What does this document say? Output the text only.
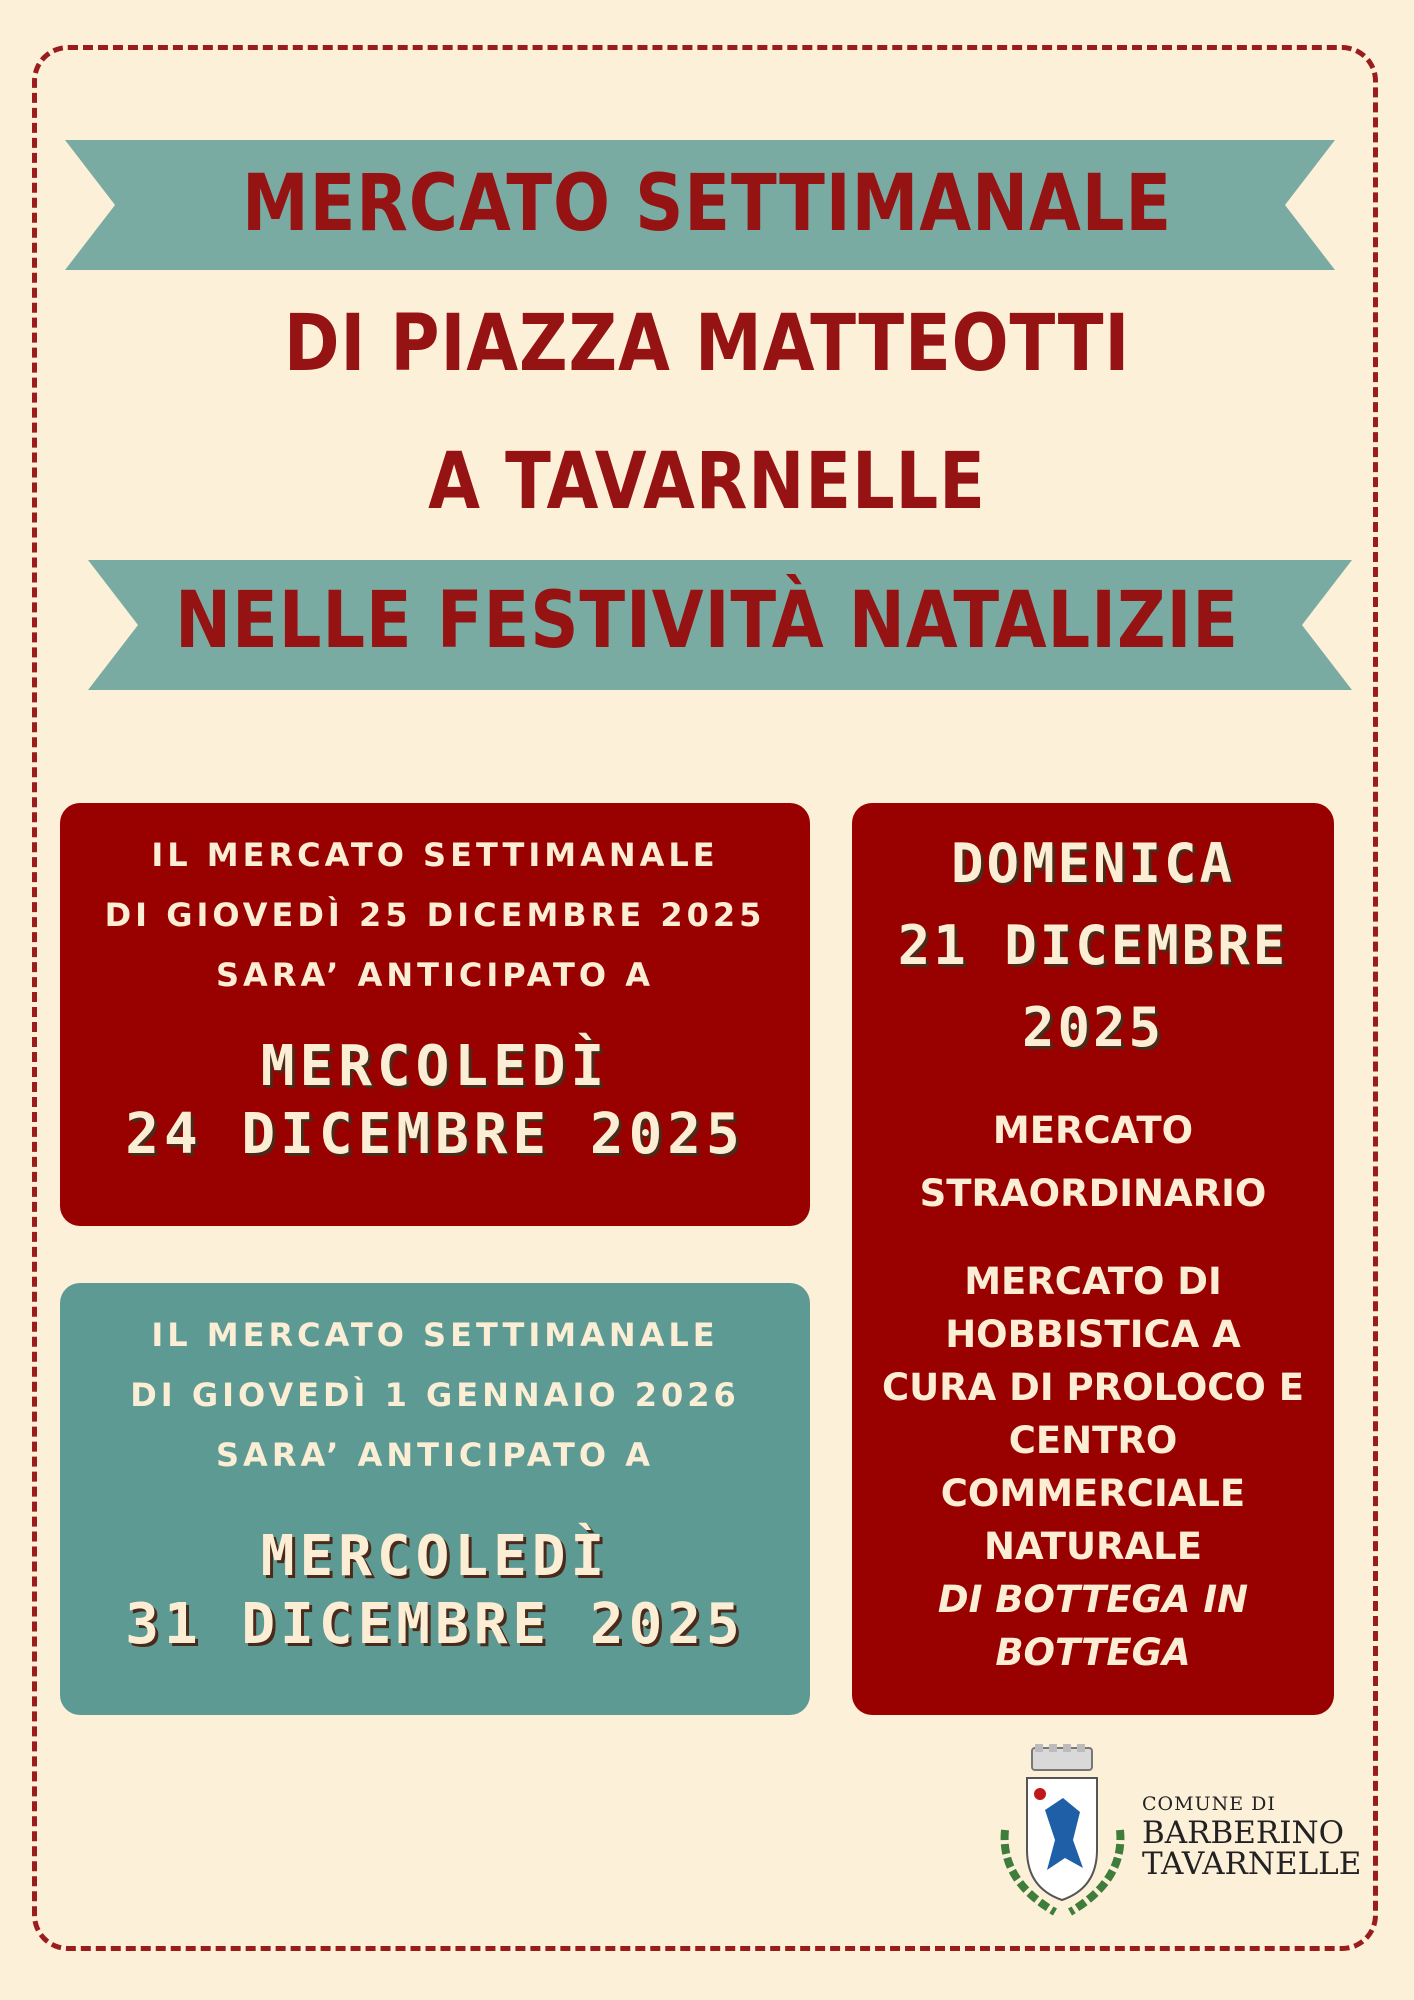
MERCATO SETTIMANALE
DI PIAZZA MATTEOTTI
A TAVARNELLE
NELLE FESTIVITÀ NATALIZIE
IL MERCATO SETTIMANALE
DI GIOVEDÌ 25 DICEMBRE 2025
SARA’ ANTICIPATO A
MERCOLEDÌ
24 DICEMBRE 2025
IL MERCATO SETTIMANALE
DI GIOVEDÌ 1 GENNAIO 2026
SARA’ ANTICIPATO A
MERCOLEDÌ
31 DICEMBRE 2025
DOMENICA
21 DICEMBRE
2025
MERCATO
STRAORDINARIO
MERCATO DI
HOBBISTICA A
CURA DI PROLOCO E
CENTRO
COMMERCIALE
NATURALE
DI BOTTEGA IN
BOTTEGA
COMUNE DI
BARBERINO
TAVARNELLE
